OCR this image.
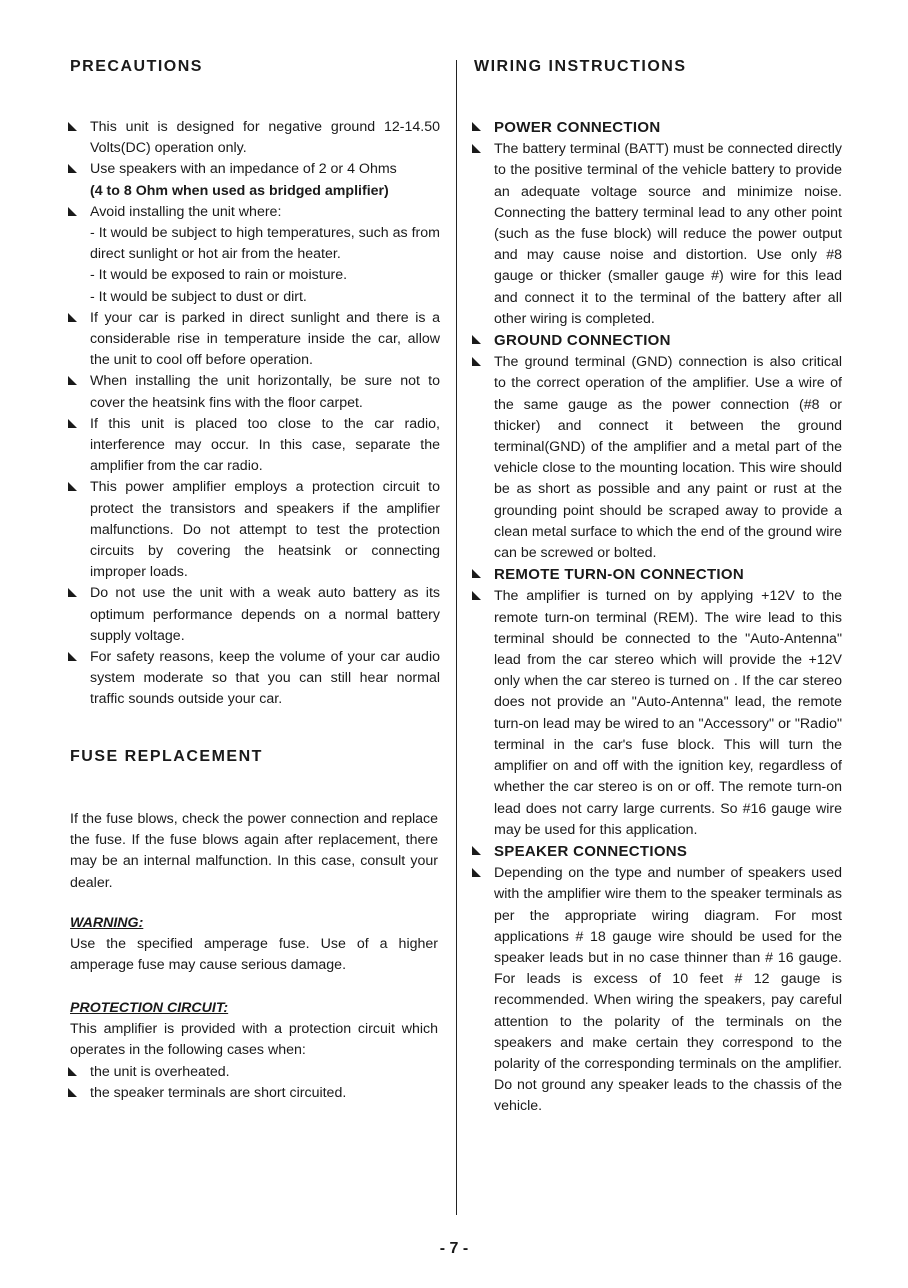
PRECAUTIONS
This unit is designed for negative ground 12-14.50 Volts(DC) operation only.
Use speakers with an impedance of 2 or 4 Ohms
(4 to 8 Ohm when used as bridged amplifier)
Avoid installing the unit where:

- It would be subject to high temperatures, such as from direct sunlight or hot air from the heater.

- It would be exposed to rain or moisture.

- It would be subject to dust or dirt.

If your car is parked in direct sunlight and there is a considerable rise in temperature inside the car, allow the unit to cool off before operation.
When installing the unit horizontally, be sure not to cover the heatsink fins with the floor carpet.
If this unit is placed too close to the car radio, interference may occur. In this case, separate the amplifier from the car radio.
This power amplifier employs a protection circuit to protect the transistors and speakers if the amplifier malfunctions. Do not attempt to test the protection circuits by covering the heatsink or connecting improper loads.
Do not use the unit with a weak auto battery as its optimum performance depends on a normal battery supply voltage.
For safety reasons, keep the volume of your car audio system moderate so that you can still hear normal traffic sounds outside your car.
FUSE REPLACEMENT
If the fuse blows, check the power connection and replace the fuse. If the fuse blows again after replacement, there may be an internal malfunction. In this case, consult your dealer.

WARNING:

Use the specified amperage fuse. Use of a higher amperage fuse may cause serious damage.

PROTECTION CIRCUIT:

This amplifier is provided with a protection circuit which operates in the following cases when:

the unit is overheated.
the speaker terminals are short circuited.
WIRING INSTRUCTIONS
POWER CONNECTION
The battery terminal (BATT) must be connected directly to the positive terminal of the vehicle battery to provide an adequate voltage source and minimize noise. Connecting the battery terminal lead to any other point (such as the fuse block) will reduce the power output and may cause noise and distortion. Use only #8 gauge or thicker (smaller gauge #) wire for this lead and connect it to the terminal of the battery after all other wiring is completed.
GROUND CONNECTION
The ground terminal (GND) connection is also critical to the correct operation of the amplifier. Use a wire of the same gauge as the power connection (#8 or thicker) and connect it between the ground terminal(GND) of the amplifier and a metal part of the vehicle close to the mounting location. This wire should be as short as possible and any paint or rust at the grounding point should be scraped away to provide a clean metal surface to which the end of the ground wire can be screwed or bolted.
REMOTE TURN-ON CONNECTION
The amplifier is turned on by applying +12V to the remote turn-on terminal (REM). The wire lead to this terminal should be connected to the "Auto-Antenna" lead from the car stereo which will provide the +12V only when the car stereo is turned on . If the car stereo does not provide an "Auto-Antenna" lead, the remote turn-on lead may be wired to an "Accessory" or "Radio" terminal in the car's fuse block. This will turn the amplifier on and off with the ignition key, regardless of whether the car stereo is on or off. The remote turn-on lead does not carry large currents. So #16 gauge wire may be used for this application.
SPEAKER CONNECTIONS
Depending on the type and number of speakers used with the amplifier wire them to the speaker terminals as per the appropriate wiring diagram. For most applications # 18 gauge wire should be used for the speaker leads but in no case thinner than # 16 gauge. For leads is excess of 10 feet # 12 gauge is recommended. When wiring the speakers, pay careful attention to the polarity of the terminals on the speakers and make certain they correspond to the polarity of the corresponding terminals on the amplifier. Do not ground any speaker leads to the chassis of the vehicle.
- 7 -
